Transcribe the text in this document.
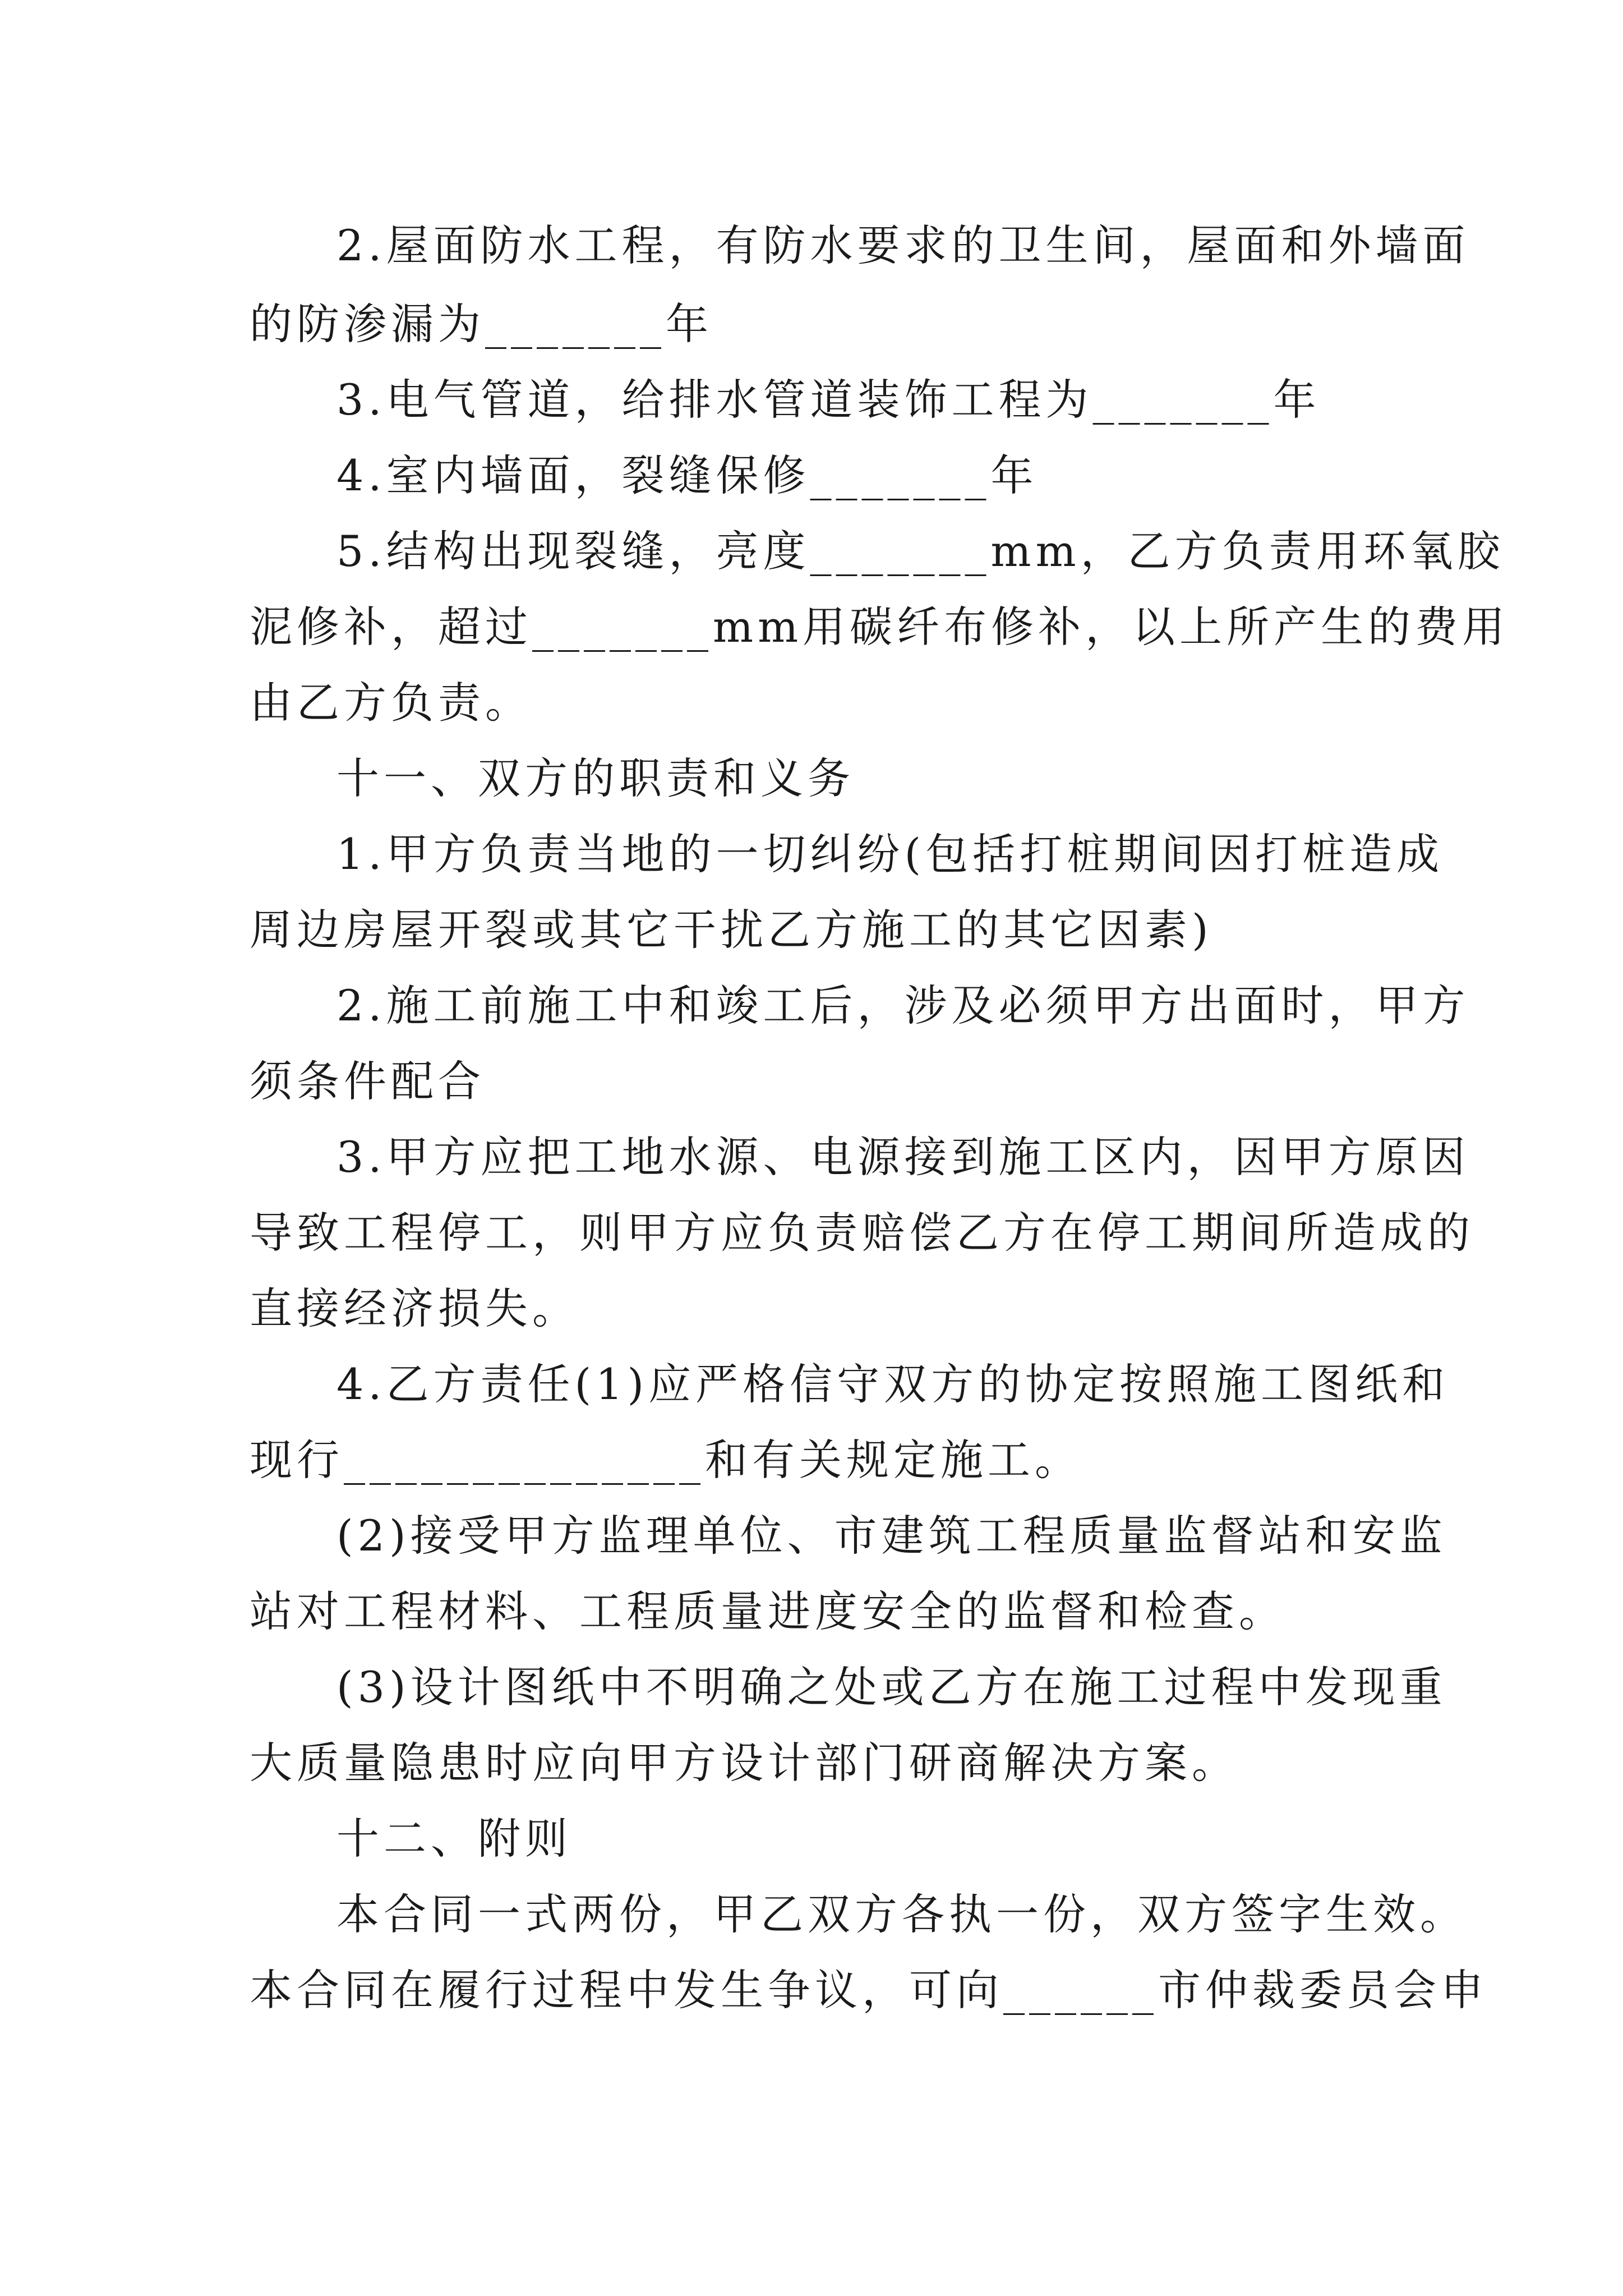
2.屋面防水工程，有防水要求的卫生间，屋面和外墙面
的防渗漏为_______年
3.电气管道，给排水管道装饰工程为_______年
4.室内墙面，裂缝保修_______年
5.结构出现裂缝，亮度_______mm，乙方负责用环氧胶
泥修补，超过_______mm用碳纤布修补，以上所产生的费用
由乙方负责。
十一、双方的职责和义务
1.甲方负责当地的一切纠纷(包括打桩期间因打桩造成
周边房屋开裂或其它干扰乙方施工的其它因素)
2.施工前施工中和竣工后，涉及必须甲方出面时，甲方
须条件配合
3.甲方应把工地水源、电源接到施工区内，因甲方原因
导致工程停工，则甲方应负责赔偿乙方在停工期间所造成的
直接经济损失。
4.乙方责任(1)应严格信守双方的协定按照施工图纸和
现行______________和有关规定施工。
(2)接受甲方监理单位、市建筑工程质量监督站和安监
站对工程材料、工程质量进度安全的监督和检查。
(3)设计图纸中不明确之处或乙方在施工过程中发现重
大质量隐患时应向甲方设计部门研商解决方案。
十二、附则
本合同一式两份，甲乙双方各执一份，双方签字生效。
本合同在履行过程中发生争议，可向______市仲裁委员会申
